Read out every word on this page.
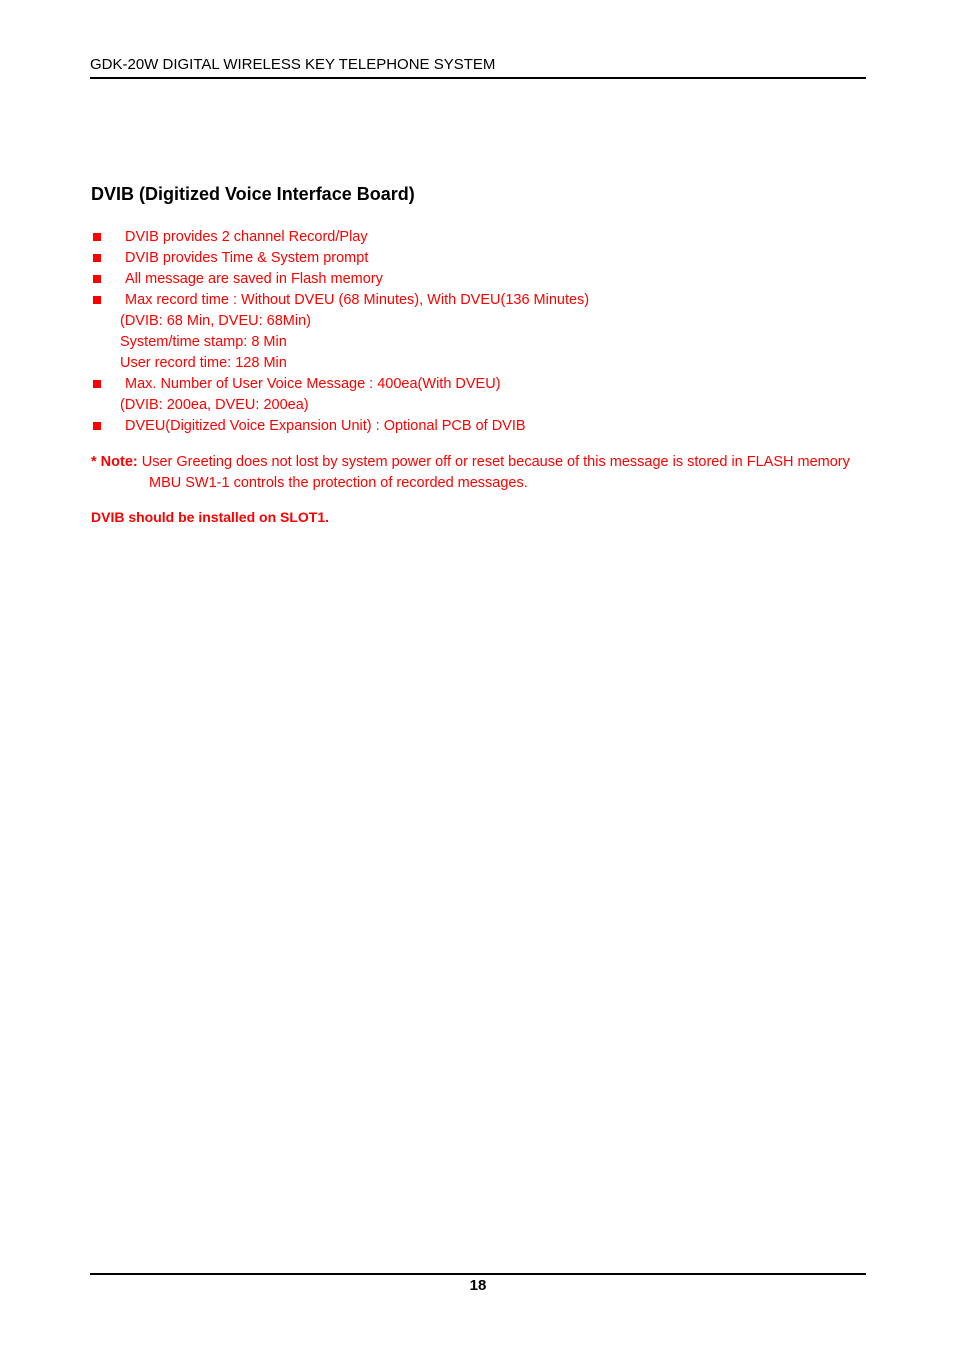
GDK-20W DIGITAL WIRELESS KEY TELEPHONE SYSTEM
DVIB (Digitized Voice Interface Board)
DVIB provides 2 channel Record/Play
DVIB provides Time & System prompt
All message are saved in Flash memory
Max record time : Without DVEU (68 Minutes), With DVEU(136 Minutes)
(DVIB: 68 Min, DVEU: 68Min)
System/time stamp: 8 Min
User record time: 128 Min
Max. Number of User Voice Message : 400ea(With DVEU)
(DVIB: 200ea, DVEU: 200ea)
DVEU(Digitized Voice Expansion Unit) : Optional PCB of DVIB
* Note: User Greeting does not lost by system power off or reset because of this message is stored in FLASH memory
MBU SW1-1 controls the protection of recorded messages.
DVIB should be installed on SLOT1.
18
